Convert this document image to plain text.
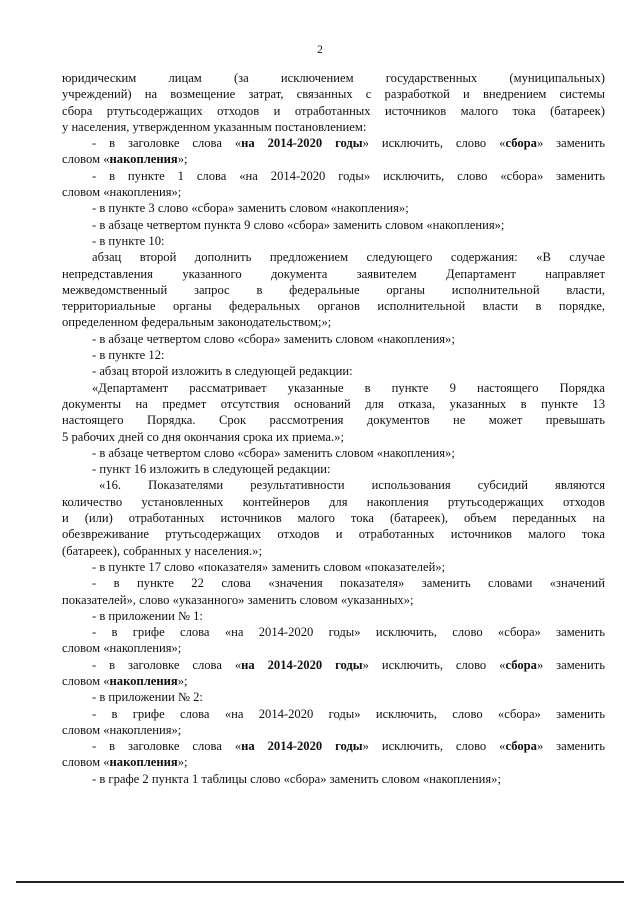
2
юридическим лицам (за исключением государственных (муниципальных)
учреждений) на возмещение затрат, связанных с разработкой и внедрением системы
сбора ртутьсодержащих отходов и отработанных источников малого тока (батареек)
у населения, утвержденном указанным постановлением:
- в заголовке слова «на 2014-2020 годы» исключить, слово «сбора» заменить
словом «накопления»;
- в пункте 1 слова «на 2014-2020 годы» исключить, слово «сбора» заменить
словом «накопления»;
- в пункте 3 слово «сбора» заменить словом «накопления»;
- в абзаце четвертом пункта 9 слово «сбора» заменить словом «накопления»;
- в пункте 10:
абзац второй дополнить предложением следующего содержания: «В случае
непредставления указанного документа заявителем Департамент направляет
межведомственный запрос в федеральные органы исполнительной власти,
территориальные органы федеральных органов исполнительной власти в порядке,
определенном федеральным законодательством;»;
- в абзаце четвертом слово «сбора» заменить словом «накопления»;
- в пункте 12:
- абзац второй изложить в следующей редакции:
«Департамент рассматривает указанные в пункте 9 настоящего Порядка
документы на предмет отсутствия оснований для отказа, указанных в пункте 13
настоящего Порядка. Срок рассмотрения документов не может превышать
5 рабочих дней со дня окончания срока их приема.»;
- в абзаце четвертом слово «сбора» заменить словом «накопления»;
- пункт 16 изложить в следующей редакции:
«16. Показателями результативности использования субсидий являются
количество установленных контейнеров для накопления ртутьсодержащих отходов
и (или) отработанных источников малого тока (батареек), объем переданных на
обезвреживание ртутьсодержащих отходов и отработанных источников малого тока
(батареек), собранных у населения.»;
- в пункте 17 слово «показателя» заменить словом «показателей»;
- в пункте 22 слова «значения показателя» заменить словами «значений
показателей», слово «указанного» заменить словом «указанных»;
- в приложении № 1:
- в грифе слова «на 2014-2020 годы» исключить, слово «сбора» заменить
словом «накопления»;
- в заголовке слова «на 2014-2020 годы» исключить, слово «сбора» заменить
словом «накопления»;
- в приложении № 2:
- в грифе слова «на 2014-2020 годы» исключить, слово «сбора» заменить
словом «накопления»;
- в заголовке слова «на 2014-2020 годы» исключить, слово «сбора» заменить
словом «накопления»;
- в графе 2 пункта 1 таблицы слово «сбора» заменить словом «накопления»;
